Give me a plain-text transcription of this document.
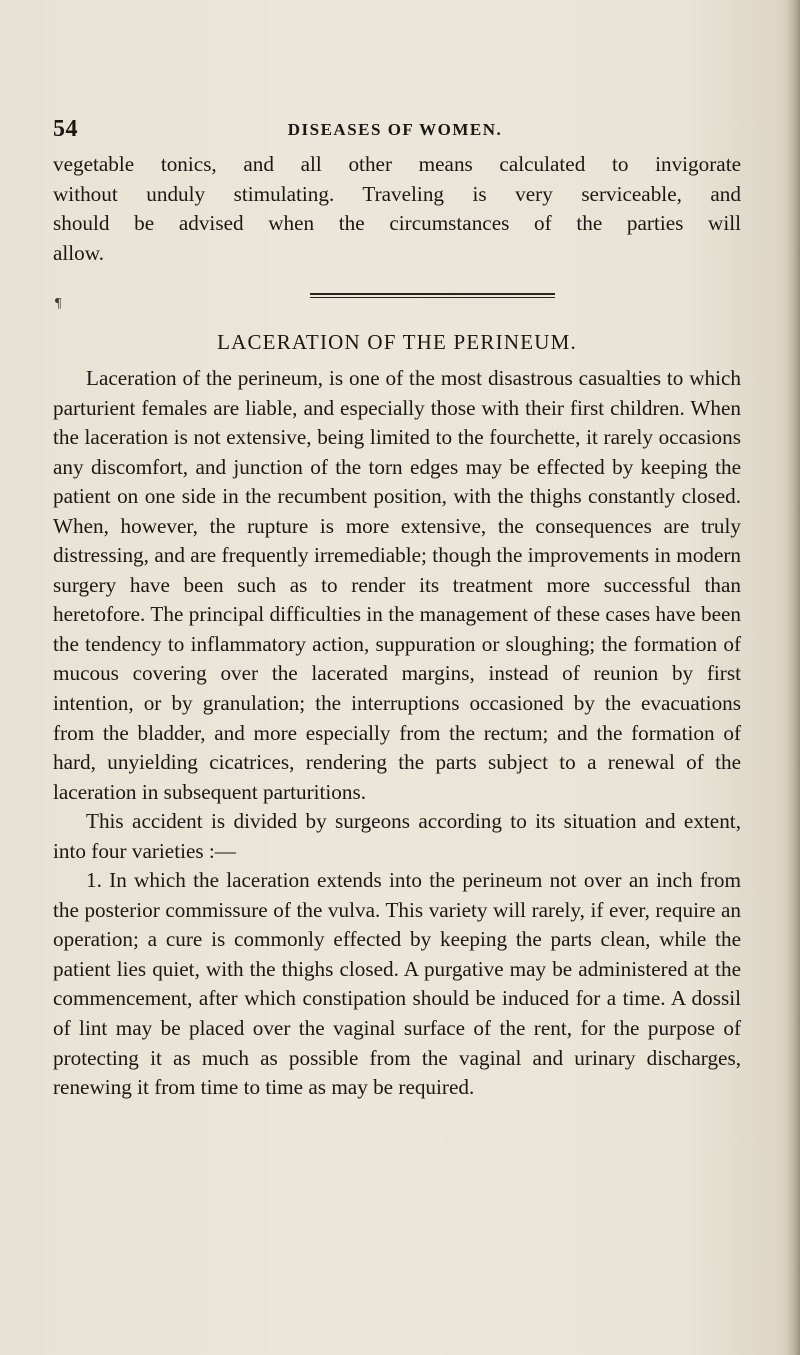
54	DISEASES OF WOMEN.

vegetable tonics, and all other means calculated to invigorate

without unduly stimulating. Traveling is very serviceable, and

should be advised when the circumstances of the parties will

allow.

¶
LACERATION OF THE PERINEUM.

Laceration of the perineum, is one of the most disastrous casualties to which parturient females are liable, and especially those with their first children. When the laceration is not extensive, being limited to the fourchette, it rarely occasions any discomfort, and junction of the torn edges may be effected by keeping the patient on one side in the recumbent position, with the thighs constantly closed. When, however, the rupture is more extensive, the consequences are truly distressing, and are frequently irremediable; though the improvements in modern surgery have been such as to render its treatment more successful than heretofore. The principal difficulties in the management of these cases have been the tendency to inflammatory action, suppuration or sloughing; the formation of mucous covering over the lacerated margins, instead of reunion by first intention, or by granulation; the interruptions occasioned by the evacuations from the bladder, and more especially from the rectum; and the formation of hard, unyielding cicatrices, rendering the parts subject to a renewal of the laceration in subsequent parturitions.

This accident is divided by surgeons according to its situation and extent, into four varieties :—

1. In which the laceration extends into the perineum not over an inch from the posterior commissure of the vulva. This variety will rarely, if ever, require an operation; a cure is commonly effected by keeping the parts clean, while the patient lies quiet, with the thighs closed. A purgative may be administered at the commencement, after which constipation should be induced for a time. A dossil of lint may be placed over the vaginal surface of the rent, for the purpose of protecting it as much as possible from the vaginal and urinary discharges, renewing it from time to time as may be required.
